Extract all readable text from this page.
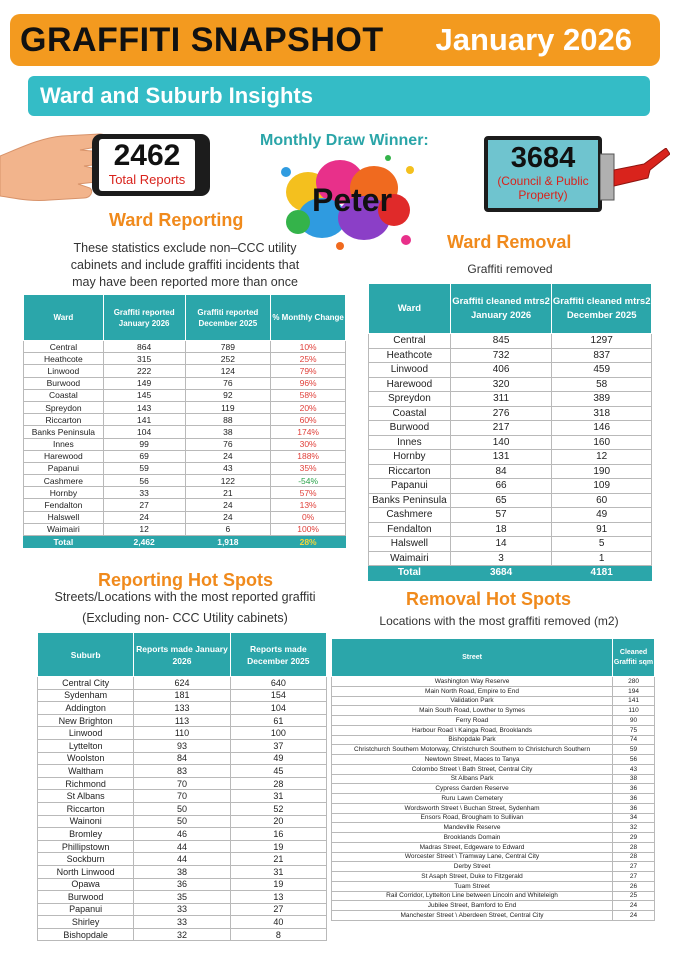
GRAFFITI SNAPSHOT January 2026
Ward and Suburb Insights
2462
Total Reports
Monthly Draw Winner:
Peter
3684
(Council & Public
Property)
Ward Reporting
These statistics exclude non–CCC utility
cabinets and include graffiti incidents that
may have been reported more than once
Ward	Graffiti reported January 2026	Graffiti reported December 2025	% Monthly Change
Central	864	789	10%
Heathcote	315	252	25%
Linwood	222	124	79%
Burwood	149	76	96%
Coastal	145	92	58%
Spreydon	143	119	20%
Riccarton	141	88	60%
Banks Peninsula	104	38	174%
Innes	99	76	30%
Harewood	69	24	188%
Papanui	59	43	35%
Cashmere	56	122	-54%
Hornby	33	21	57%
Fendalton	27	24	13%
Halswell	24	24	0%
Waimairi	12	6	100%
Total	2,462	1,918	28%
Ward Removal
Graffiti removed
Ward	Graffiti cleaned mtrs2 January 2026	Graffiti cleaned mtrs2 December 2025
Central	845	1297
Heathcote	732	837
Linwood	406	459
Harewood	320	58
Spreydon	311	389
Coastal	276	318
Burwood	217	146
Innes	140	160
Hornby	131	12
Riccarton	84	190
Papanui	66	109
Banks Peninsula	65	60
Cashmere	57	49
Fendalton	18	91
Halswell	14	5
Waimairi	3	1
Total	3684	4181
Reporting Hot Spots
Streets/Locations with the most reported graffiti
(Excluding non- CCC Utility cabinets)
Suburb	Reports made January 2026	Reports made December 2025
Central City	624	640
Sydenham	181	154
Addington	133	104
New Brighton	113	61
Linwood	110	100
Lyttelton	93	37
Woolston	84	49
Waltham	83	45
Richmond	70	28
St Albans	70	31
Riccarton	50	52
Wainoni	50	20
Bromley	46	16
Phillipstown	44	19
Sockburn	44	21
North Linwood	38	31
Opawa	36	19
Burwood	35	13
Papanui	33	27
Shirley	33	40
Bishopdale	32	8
Removal Hot Spots
Locations with the most graffiti removed (m2)
Street	Cleaned Graffiti sqm
Washington Way Reserve	280
Main North Road, Empire to End	194
Validation Park	141
Main South Road, Lowther to Symes	110
Ferry Road	90
Harbour Road \ Kainga Road, Brooklands	75
Bishopdale Park	74
Christchurch Southern Motorway, Christchurch Southern to Christchurch Southern	59
Newtown Street, Maces to Tanya	56
Colombo Street \ Bath Street, Central City	43
St Albans Park	38
Cypress Garden Reserve	36
Ruru Lawn Cemetery	36
Wordsworth Street \ Buchan Street, Sydenham	36
Ensors Road, Brougham to Sullivan	34
Mandeville Reserve	32
Brooklands Domain	29
Madras Street, Edgeware to Edward	28
Worcester Street \ Tramway Lane, Central City	28
Derby Street	27
St Asaph Street, Duke to Fitzgerald	27
Tuam Street	26
Rail Corridor, Lyttelton Line between Lincoln and Whiteleigh	25
Jubilee Street, Bamford to End	24
Manchester Street \ Aberdeen Street, Central City	24
